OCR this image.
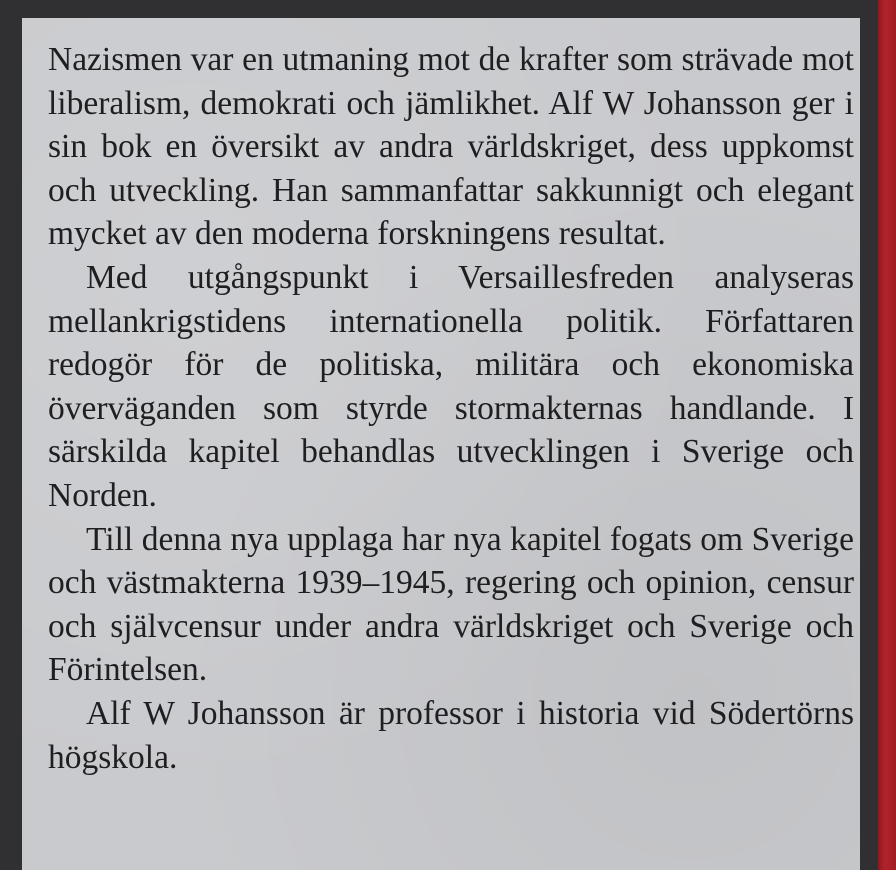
Nazismen var en utmaning mot de krafter som strävade mot liberalism, demokrati och jämlikhet. Alf W Johansson ger i sin bok en översikt av andra världskriget, dess uppkomst och utveckling. Han sammanfattar sakkunnigt och elegant mycket av den moderna forskningens resultat.

Med utgångspunkt i Versaillesfreden analyseras mellankrigstidens internationella politik. Författaren redogör för de politiska, militära och ekonomiska överväganden som styrde stormakternas handlande. I särskilda kapitel behandlas utvecklingen i Sverige och Norden.

Till denna nya upplaga har nya kapitel fogats om Sverige och västmakterna 1939–1945, regering och opinion, censur och självcensur under andra världskriget och Sverige och Förintelsen.

Alf W Johansson är professor i historia vid Södertörns högskola.
